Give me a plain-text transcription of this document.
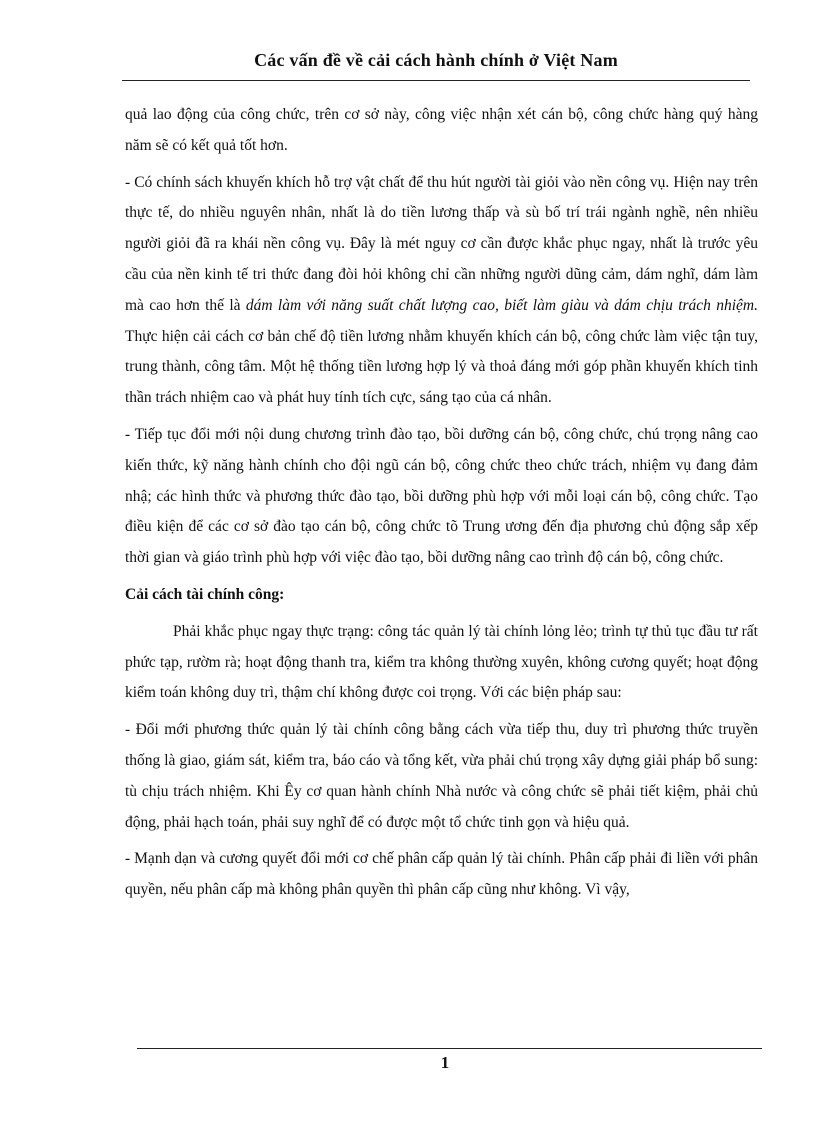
Các vấn đề về cải cách hành chính ở Việt Nam

quả lao động của công chức, trên cơ sở này, công việc nhận xét cán bộ, công chức hàng quý hàng năm sẽ có kết quả tốt hơn.

- Có chính sách khuyến khích hỗ trợ vật chất để thu hút người tài giỏi vào nền công vụ. Hiện nay trên thực tế, do nhiều nguyên nhân, nhất là do tiền lương thấp và sù bố trí trái ngành nghề, nên nhiều người giỏi đã ra khái nền công vụ. Đây là mét nguy cơ cần được khắc phục ngay, nhất là trước yêu cầu của nền kinh tế tri thức đang đòi hỏi không chỉ cần những người dũng cảm, dám nghĩ, dám làm mà cao hơn thế là dám làm với năng suất chất lượng cao, biết làm giàu và dám chịu trách nhiệm. Thực hiện cải cách cơ bản chế độ tiền lương nhằm khuyến khích cán bộ, công chức làm việc tận tuy, trung thành, công tâm. Một hệ thống tiền lương hợp lý và thoả đáng mới góp phần khuyến khích tinh thần trách nhiệm cao và phát huy tính tích cực, sáng tạo của cá nhân.

- Tiếp tục đổi mới nội dung chương trình đào tạo, bồi dưỡng cán bộ, công chức, chú trọng nâng cao kiến thức, kỹ năng hành chính cho đội ngũ cán bộ, công chức theo chức trách, nhiệm vụ đang đảm nhậ; các hình thức và phương thức đào tạo, bồi dưỡng phù hợp với mỗi loại cán bộ, công chức. Tạo điều kiện để các cơ sở đào tạo cán bộ, công chức tõ Trung ương đến địa phương chủ động sắp xếp thời gian và giáo trình phù hợp với việc đào tạo, bồi dưỡng nâng cao trình độ cán bộ, công chức.

Cải cách tài chính công:

Phải khắc phục ngay thực trạng: công tác quản lý tài chính lỏng lẻo; trình tự thủ tục đầu tư rất phức tạp, rườm rà; hoạt động thanh tra, kiểm tra không thường xuyên, không cương quyết; hoạt động kiểm toán không duy trì, thậm chí không được coi trọng. Với các biện pháp sau:

- Đổi mới phương thức quản lý tài chính công bằng cách vừa tiếp thu, duy trì phương thức truyền thống là giao, giám sát, kiểm tra, báo cáo và tổng kết, vừa phải chú trọng xây dựng giải pháp bổ sung: tù chịu trách nhiệm. Khi Êy cơ quan hành chính Nhà nước và công chức sẽ phải tiết kiệm, phải chủ động, phải hạch toán, phải suy nghĩ để có được một tổ chức tinh gọn và hiệu quả.

- Mạnh dạn và cương quyết đổi mới cơ chế phân cấp quản lý tài chính. Phân cấp phải đi liền với phân quyền, nếu phân cấp mà không phân quyền thì phân cấp cũng như không. Vì vậy,

1
